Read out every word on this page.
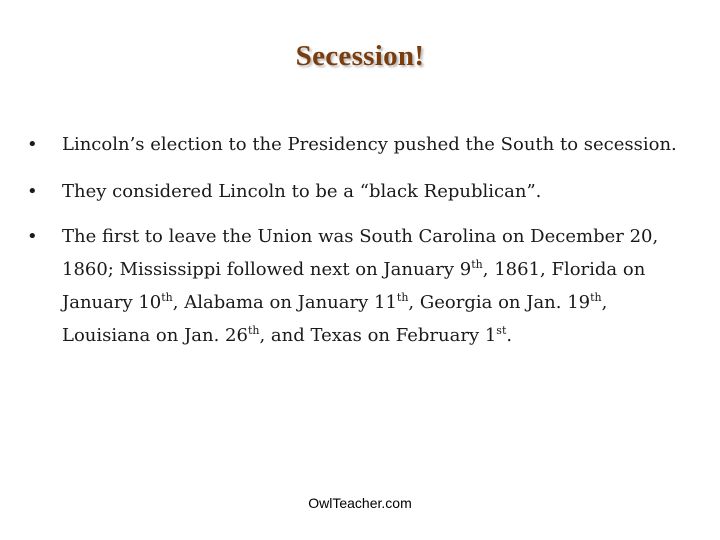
Secession!
• Lincoln’s election to the Presidency pushed the South to secession.
• They considered Lincoln to be a “black Republican”.
• The first to leave the Union was South Carolina on December 20, 1860; Mississippi followed next on January 9th, 1861, Florida on January 10th, Alabama on January 11th, Georgia on Jan. 19th, Louisiana on Jan. 26th, and Texas on February 1st.
OwlTeacher.com
